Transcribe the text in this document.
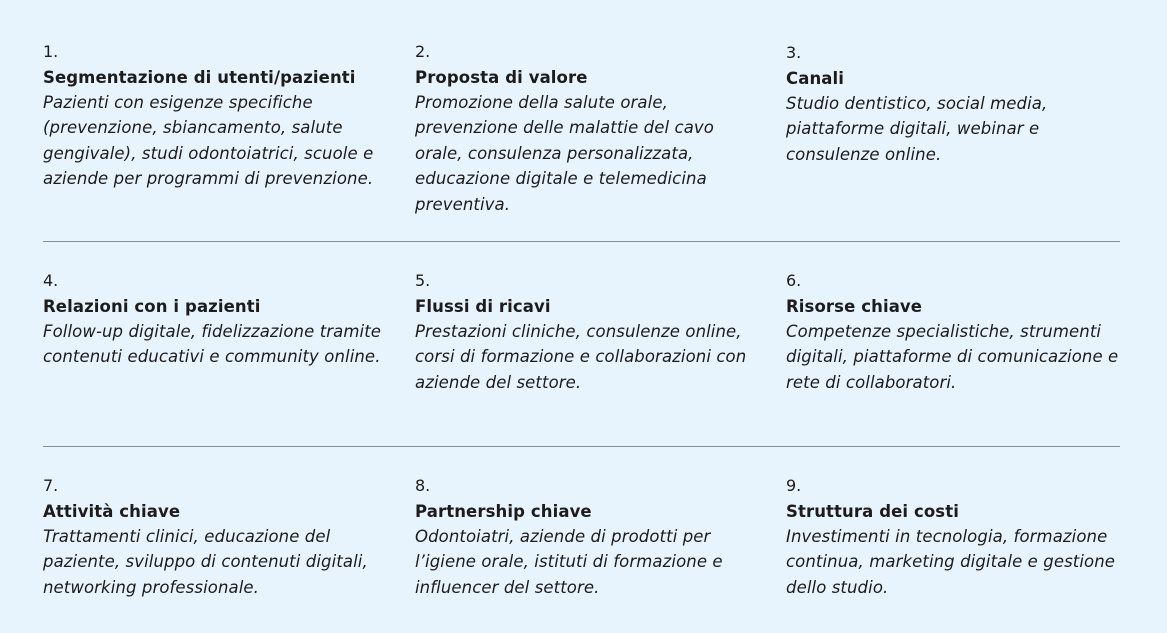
1.

Segmentazione di utenti/pazienti

Pazienti con esigenze specifiche (prevenzione, sbiancamento, salute gengivale), studi odontoiatrici, scuole e aziende per programmi di prevenzione.

2.

Proposta di valore

Promozione della salute orale, prevenzione delle malattie del cavo orale, consulenza personalizzata, educazione digitale e telemedicina preventiva.

3.

Canali

Studio dentistico, social media, piattaforme digitali, webinar e consulenze online.

4.

Relazioni con i pazienti

Follow-up digitale, fidelizzazione tramite contenuti educativi e community online.

5.

Flussi di ricavi

Prestazioni cliniche, consulenze online, corsi di formazione e collaborazioni con aziende del settore.

6.

Risorse chiave

Competenze specialistiche, strumenti digitali, piattaforme di comunicazione e rete di collaboratori.

7.

Attività chiave

Trattamenti clinici, educazione del paziente, sviluppo di contenuti digitali, networking professionale.

8.

Partnership chiave

Odontoiatri, aziende di prodotti per l’igiene orale, istituti di formazione e influencer del settore.

9.

Struttura dei costi

Investimenti in tecnologia, formazione continua, marketing digitale e gestione dello studio.
